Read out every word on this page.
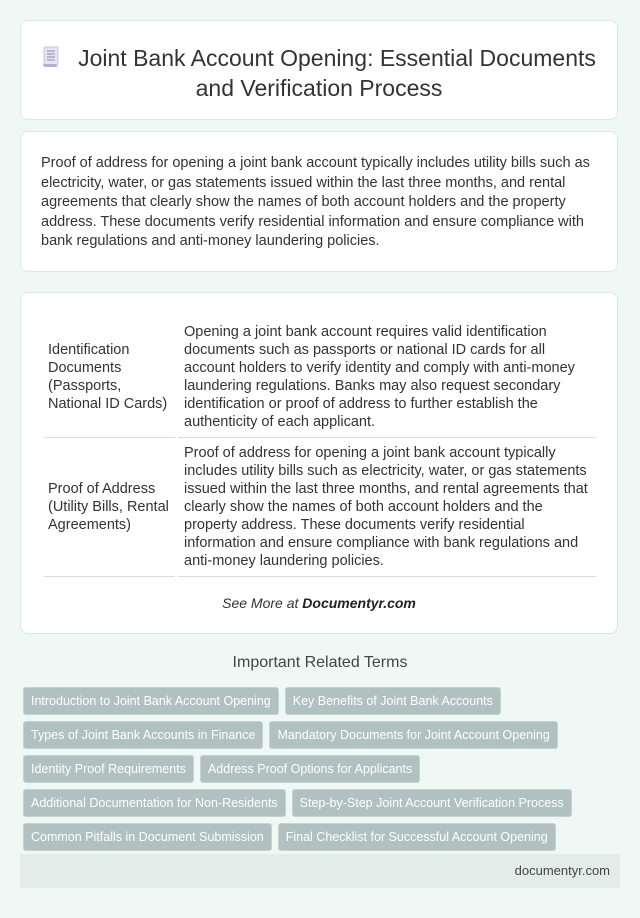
Joint Bank Account Opening: Essential Documents and Verification Process

Proof of address for opening a joint bank account typically includes utility bills such as electricity, water, or gas statements issued within the last three months, and rental agreements that clearly show the names of both account holders and the property address. These documents verify residential information and ensure compliance with bank regulations and anti-money laundering policies.

Identification Documents (Passports, National ID Cards)	Opening a joint bank account requires valid identification documents such as passports or national ID cards for all account holders to verify identity and comply with anti-money laundering regulations. Banks may also request secondary identification or proof of address to further establish the authenticity of each applicant.
Proof of Address (Utility Bills, Rental Agreements)	Proof of address for opening a joint bank account typically includes utility bills such as electricity, water, or gas statements issued within the last three months, and rental agreements that clearly show the names of both account holders and the property address. These documents verify residential information and ensure compliance with bank regulations and anti-money laundering policies.
See More at Documentyr.com
Important Related Terms
Introduction to Joint Bank Account Opening	Key Benefits of Joint Bank Accounts
Types of Joint Bank Accounts in Finance	Mandatory Documents for Joint Account Opening
Identity Proof Requirements	Address Proof Options for Applicants
Additional Documentation for Non-Residents	Step-by-Step Joint Account Verification Process
Common Pitfalls in Document Submission	Final Checklist for Successful Account Opening
documentyr.com
